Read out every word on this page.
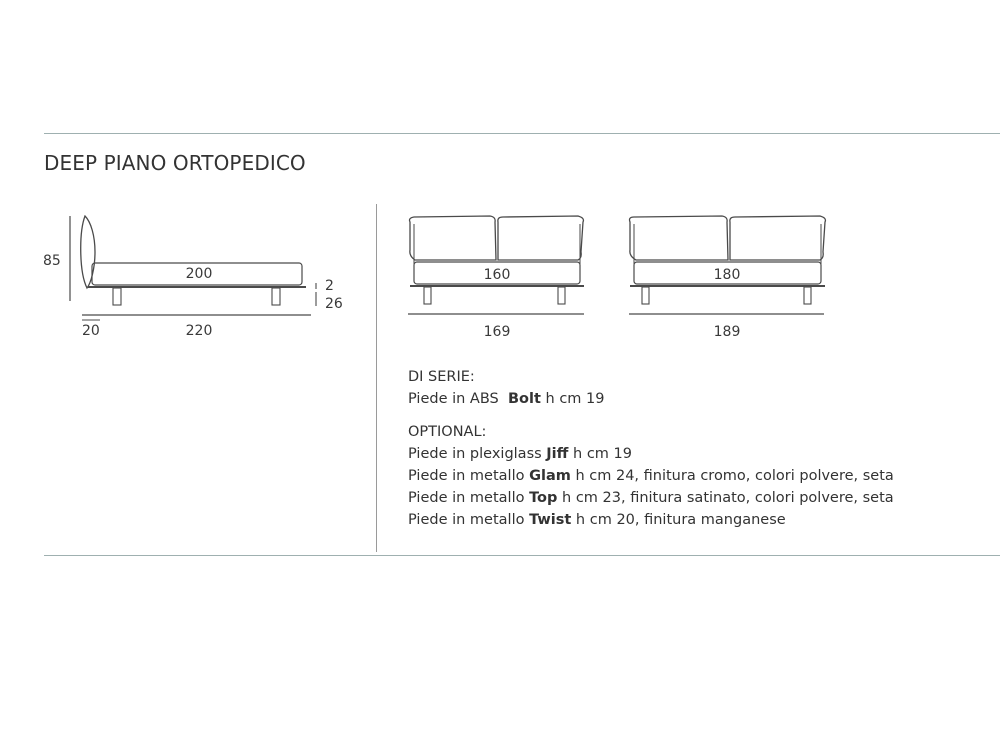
DEEP PIANO ORTOPEDICO
85
200
2
26
20	220
160
169
180
189

DI SERIE:

Piede in ABS  Bolt h cm 19

OPTIONAL:

Piede in plexiglass Jiff h cm 19

Piede in metallo Glam h cm 24, finitura cromo, colori polvere, seta

Piede in metallo Top h cm 23, finitura satinato, colori polvere, seta

Piede in metallo Twist h cm 20, finitura manganese
